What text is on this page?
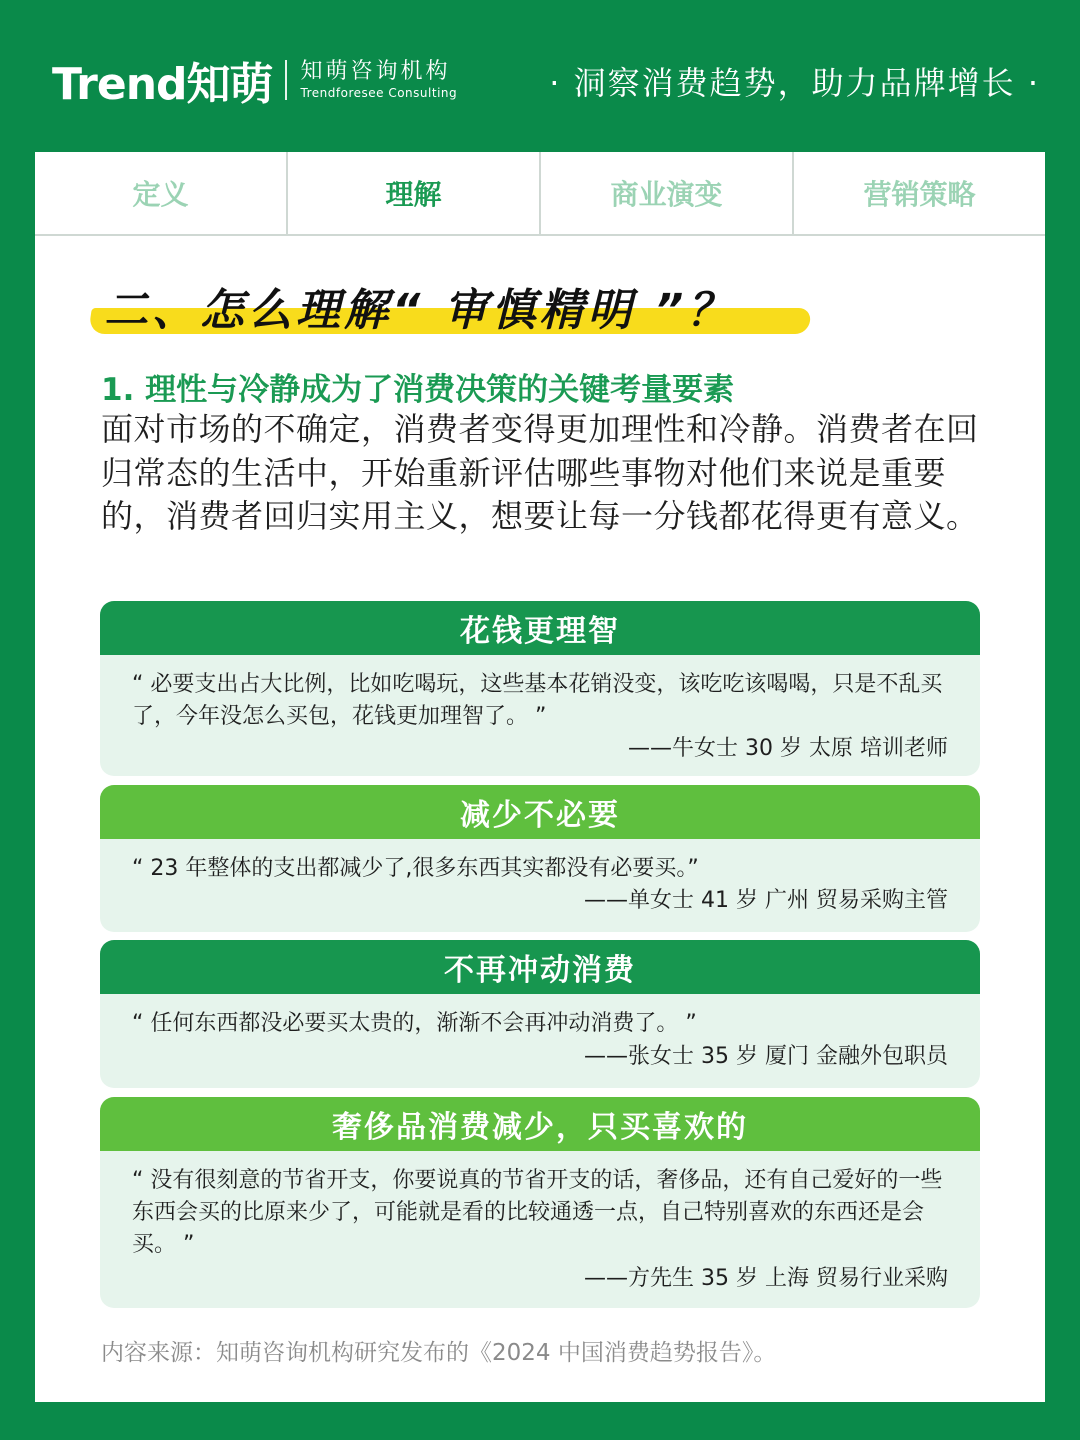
Trend知萌 知萌咨询机构
Trendforesee Consulting	· 洞察消费趋势，助力品牌增长 ·
定义	理解	商业演变	营销策略
二、怎么理解“ 审慎精明 ”？
1. 理性与冷静成为了消费决策的关键考量要素
面对市场的不确定，消费者变得更加理性和冷静。消费者在回归常态的生活中，开始重新评估哪些事物对他们来说是重要的，消费者回归实用主义，想要让每一分钱都花得更有意义。
花钱更理智
“ 必要支出占大比例，比如吃喝玩，这些基本花销没变，该吃吃该喝喝，只是不乱买了，今年没怎么买包，花钱更加理智了。 ”
——牛女士 30 岁 太原 培训老师
减少不必要
“ 23 年整体的支出都减少了,很多东西其实都没有必要买。”
——单女士 41 岁 广州 贸易采购主管
不再冲动消费
“ 任何东西都没必要买太贵的，渐渐不会再冲动消费了。 ”
——张女士 35 岁 厦门 金融外包职员
奢侈品消费减少，只买喜欢的
“ 没有很刻意的节省开支，你要说真的节省开支的话，奢侈品，还有自己爱好的一些东西会买的比原来少了，可能就是看的比较通透一点，自己特别喜欢的东西还是会买。 ”
——方先生 35 岁 上海 贸易行业采购
内容来源：知萌咨询机构研究发布的《2024 中国消费趋势报告》。
